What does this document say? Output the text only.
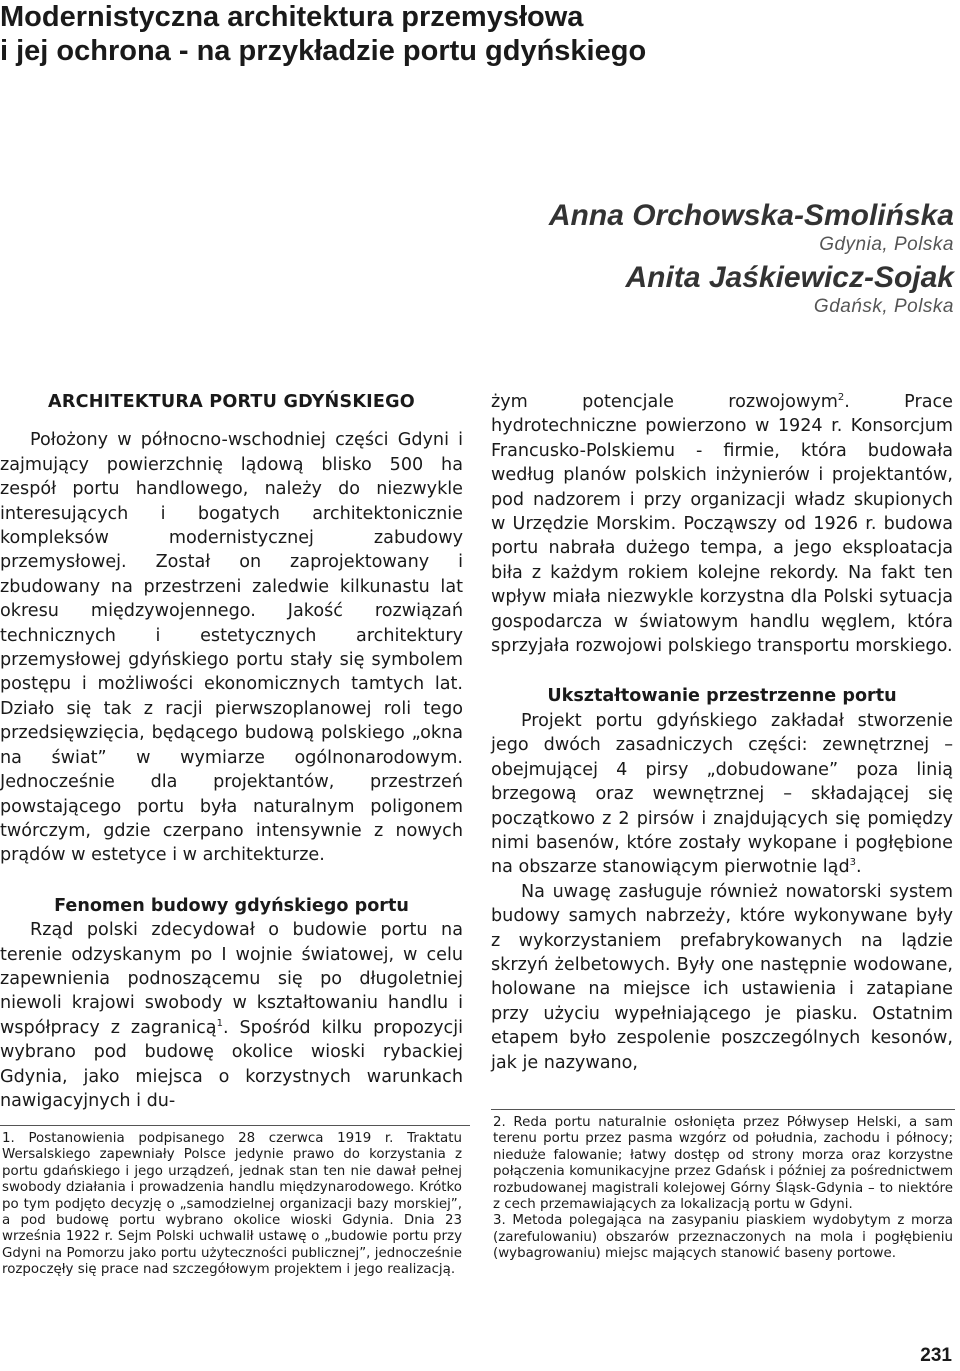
Modernistyczna architektura przemysłowa
i jej ochrona - na przykładzie portu gdyńskiego
Anna Orchowska-Smolińska
Gdynia, Polska
Anita Jaśkiewicz-Sojak
Gdańsk, Polska
ARCHITEKTURA PORTU GDYŃSKIEGO

Położony w północno-wschodniej części Gdyni i zajmujący powierzchnię lądową blisko 500 ha zespół portu handlowego, należy do niezwykle interesujących i bogatych architektonicznie kompleksów modernistycznej zabudowy przemysłowej. Został on zaprojektowany i zbudowany na przestrzeni zaledwie kilkunastu lat okresu międzywojennego. Jakość rozwiązań technicznych i estetycznych architektury przemysłowej gdyńskiego portu stały się symbolem postępu i możliwości ekonomicznych tamtych lat. Działo się tak z racji pierwszoplanowej roli tego przedsięwzięcia, będącego budową polskiego „okna na świat” w wymiarze ogólnonarodowym. Jednocześnie dla projektantów, przestrzeń powstającego portu była naturalnym poligonem twórczym, gdzie czerpano intensywnie z nowych prądów w estetyce i w architekturze.

Fenomen budowy gdyńskiego portu

Rząd polski zdecydował o budowie portu na terenie odzyskanym po I wojnie światowej, w celu zapewnienia podnoszącemu się po długoletniej niewoli krajowi swobody w kształtowaniu handlu i współpracy z zagranicą$^1$. Spośród kilku propozycji wybrano pod budowę okolice wioski rybackiej Gdynia, jako miejsca o korzystnych warunkach nawigacyjnych i du-

żym potencjale rozwojowym$^2$. Prace hydrotechniczne powierzono w 1924 r. Konsorcjum Francusko-Polskiemu - firmie, która budowała według planów polskich inżynierów i projektantów, pod nadzorem i przy organizacji władz skupionych w Urzędzie Morskim. Począwszy od 1926 r. budowa portu nabrała dużego tempa, a jego eksploatacja biła z każdym rokiem kolejne rekordy. Na fakt ten wpływ miała niezwykle korzystna dla Polski sytuacja gospodarcza w światowym handlu węglem, która sprzyjała rozwojowi polskiego transportu morskiego.

Ukształtowanie przestrzenne portu

Projekt portu gdyńskiego zakładał stworzenie jego dwóch zasadniczych części: zewnętrznej – obejmującej 4 pirsy „dobudowane” poza linią brzegową oraz wewnętrznej – składającej się początkowo z 2 pirsów i znajdujących się pomiędzy nimi basenów, które zostały wykopane i pogłębione na obszarze stanowiącym pierwotnie ląd$^3$.

Na uwagę zasługuje również nowatorski system budowy samych nabrzeży, które wykonywane były z wykorzystaniem prefabrykowanych na lądzie skrzyń żelbetowych. Były one następnie wodowane, holowane na miejsce ich ustawienia i zatapiane przy użyciu wypełniającego je piasku. Ostatnim etapem było zespolenie poszczególnych kesonów, jak je nazywano,

1. Postanowienia podpisanego 28 czerwca 1919 r. Traktatu Wersalskiego zapewniały Polsce jedynie prawo do korzystania z portu gdańskiego i jego urządzeń, jednak stan ten nie dawał pełnej swobody działania i prowadzenia handlu międzynarodowego. Krótko po tym podjęto decyzję o „samodzielnej organizacji bazy morskiej”, a pod budowę portu wybrano okolice wioski Gdynia. Dnia 23 września 1922 r. Sejm Polski uchwalił ustawę o „budowie portu przy Gdyni na Pomorzu jako portu użyteczności publicznej”, jednocześnie rozpoczęły się prace nad szczegółowym projektem i jego realizacją.

2. Reda portu naturalnie osłonięta przez Półwysep Helski, a sam terenu portu przez pasma wzgórz od południa, zachodu i północy; nieduże falowanie; łatwy dostęp od strony morza oraz korzystne połączenia komunikacyjne przez Gdańsk i później za pośrednictwem rozbudowanej magistrali kolejowej Górny Śląsk-Gdynia – to niektóre z cech przemawiających za lokalizacją portu w Gdyni.

3. Metoda polegająca na zasypaniu piaskiem wydobytym z morza (zarefulowaniu) obszarów przeznaczonych na mola i pogłębieniu (wybagrowaniu) miejsc mających stanowić baseny portowe.

231
